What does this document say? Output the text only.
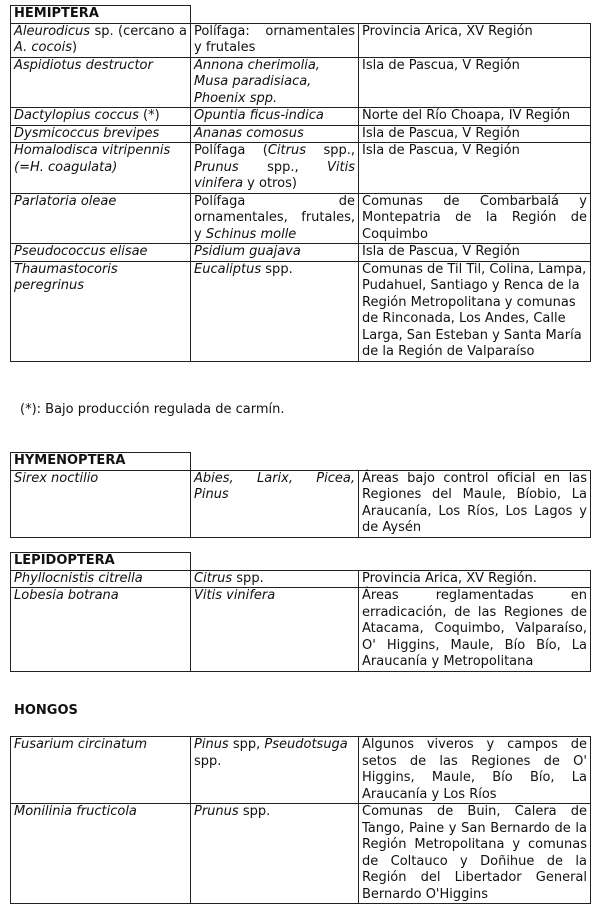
HEMIPTERA		
Aleurodicus sp. (cercano a A. cocois)	Polífaga: ornamentales y frutales	Provincia Arica, XV Región
Aspidiotus destructor	Annona cherimolia, Musa paradisiaca, Phoenix spp.	Isla de Pascua, V Región
Dactylopius coccus (*)	Opuntia ficus-indica	Norte del Río Choapa, IV Región
Dysmicoccus brevipes	Ananas comosus	Isla de Pascua, V Región
Homalodisca vitripennis (=H. coagulata)	Polífaga (Citrus spp., Prunus spp., Vitis vinifera y otros)	Isla de Pascua, V Región
Parlatoria oleae	Polífaga de ornamentales, frutales, y Schinus molle	Comunas de Combarbalá y Montepatria de la Región de Coquimbo
Pseudococcus elisae	Psidium guajava	Isla de Pascua, V Región
Thaumastocoris peregrinus	Eucaliptus spp.	Comunas de Til Til, Colina, Lampa, Pudahuel, Santiago y Renca de la Región Metropolitana y comunas de Rinconada, Los Andes, Calle Larga, San Esteban y Santa María de la Región de Valparaíso
(*): Bajo producción regulada de carmín.
HYMENOPTERA		
Sirex noctilio	Abies, Larix, Picea, Pinus	Áreas bajo control oficial en las Regiones del Maule, Bíobio, La Araucanía, Los Ríos, Los Lagos y de Aysén
LEPIDOPTERA		
Phyllocnistis citrella	Citrus spp.	Provincia Arica, XV Región.
Lobesia botrana	Vitis vinifera	Áreas reglamentadas en erradicación, de las Regiones de Atacama, Coquimbo, Valparaíso, O' Higgins, Maule, Bío Bío, La Araucanía y Metropolitana
HONGOS
Fusarium circinatum	Pinus spp, Pseudotsuga spp.	Algunos viveros y campos de setos de las Regiones de O' Higgins, Maule, Bío Bío, La Araucanía y Los Ríos
Monilinia fructicola	Prunus spp.	Comunas de Buin, Calera de Tango, Paine y San Bernardo de la Región Metropolitana y comunas de Coltauco y Doñihue de la Región del Libertador General Bernardo O'Higgins
